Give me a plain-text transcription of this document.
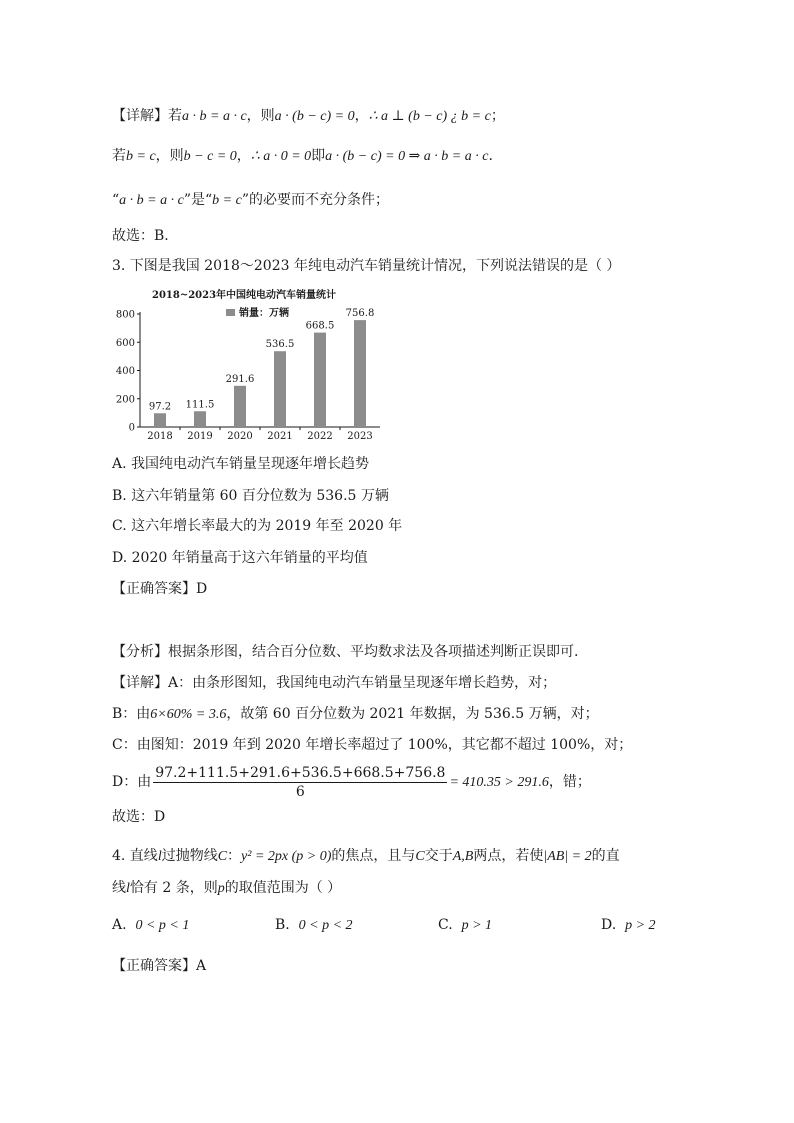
【详解】若a · b = a · c，则a · (b − c) = 0，∴ a ⊥ (b − c) ¿ b = c；
若b = c，则b − c = 0，∴ a · 0 = 0即a · (b − c) = 0 ⇒ a · b = a · c.
“a · b = a · c”是“b = c”的必要而不充分条件；
故选：B.
3. 下图是我国 2018～2023 年纯电动汽车销量统计情况，下列说法错误的是（ ）
2018~2023年中国纯电动汽车销量统计
销量：万辆
0
200
400
600
800
97.2 111.5
291.6
536.5
668.5
756.8
2018 2019 2020 2021 2022 2023
A. 我国纯电动汽车销量呈现逐年增长趋势
B. 这六年销量第 60 百分位数为 536.5 万辆
C. 这六年增长率最大的为 2019 年至 2020 年
D. 2020 年销量高于这六年销量的平均值
【正确答案】D
【分析】根据条形图，结合百分位数、平均数求法及各项描述判断正误即可.
【详解】A：由条形图知，我国纯电动汽车销量呈现逐年增长趋势，对；
B：由6×60% = 3.6，故第 60 百分位数为 2021 年数据，为 536.5 万辆，对；
C：由图知：2019 年到 2020 年增长率超过了 100%，其它都不超过 100%，对；
D：由 $\frac{97.2+111.5+291.6+536.5+668.5+756.8}{6} = 410.35 > 291.6$，错；
故选：D
4. 直线l过抛物线C：y² = 2px (p > 0)的焦点，且与C交于A,B两点，若使|AB| = 2的直
线l恰有 2 条，则p的取值范围为（ ）
A. 0 < p < 1	B. 0 < p < 2	C. p > 1	D. p > 2
【正确答案】A
